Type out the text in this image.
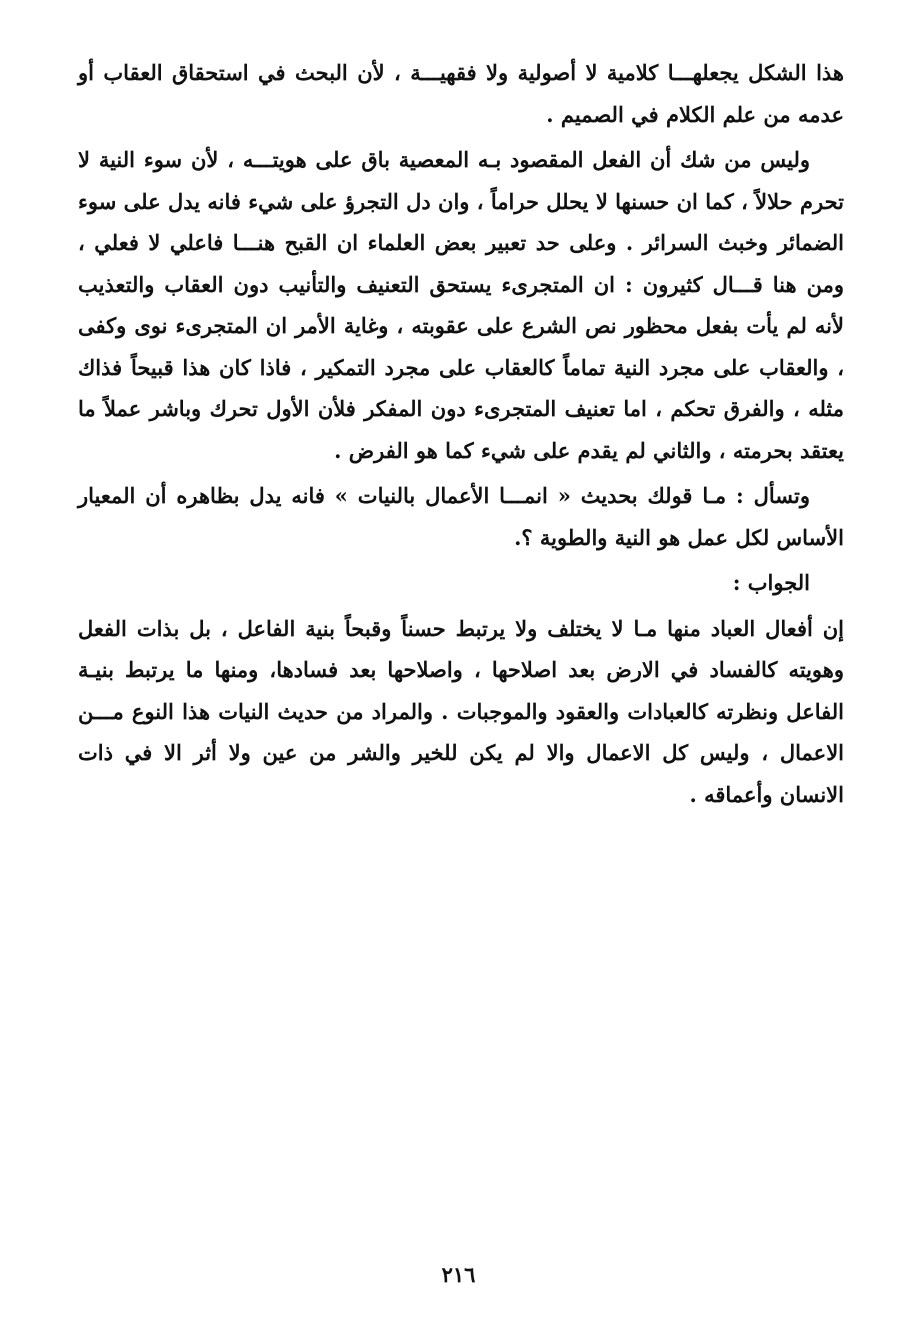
هذا الشكل يجعلهـــا كلامية لا أصولية ولا فقهيـــة ، لأن البحث في استحقاق العقاب أو عدمه من علم الكلام في الصميم .

وليس من شك أن الفعل المقصود بـه المعصية باق على هويتـــه ، لأن سوء النية لا تحرم حلالاً ، كما ان حسنها لا يحلل حراماً ، وان دل التجرؤ على شيء فانه يدل على سوء الضمائر وخبث السرائر . وعلى حد تعبير بعض العلماء ان القبح هنـــا فاعلي لا فعلي ، ومن هنا قـــال كثيرون : ان المتجرىء يستحق التعنيف والتأنيب دون العقاب والتعذيب لأنه لم يأت بفعل محظور نص الشرع على عقوبته ، وغاية الأمر ان المتجرىء نوى وكفى ، والعقاب على مجرد النية تماماً كالعقاب على مجرد التمكير ، فاذا كان هذا قبيحاً فذاك مثله ، والفرق تحكم ، اما تعنيف المتجرىء دون المفكر فلأن الأول تحرك وباشر عملاً ما يعتقد بحرمته ، والثاني لم يقدم على شيء كما هو الفرض .

وتسأل : مـا قولك بحديث « انمـــا الأعمال بالنيات » فانه يدل بظاهره أن المعيار الأساس لكل عمل هو النية والطوية ؟.

الجواب :

إن أفعال العباد منها مـا لا يختلف ولا يرتبط حسناً وقبحاً بنية الفاعل ، بل بذات الفعل وهويته كالفساد في الارض بعد اصلاحها ، واصلاحها بعد فسادها، ومنها ما يرتبط بنيـة الفاعل ونظرته كالعبادات والعقود والموجبات . والمراد من حديث النيات هذا النوع مـــن الاعمال ، وليس كل الاعمال والا لم يكن للخير والشر من عين ولا أثر الا في ذات الانسان وأعماقه .

٢١٦
